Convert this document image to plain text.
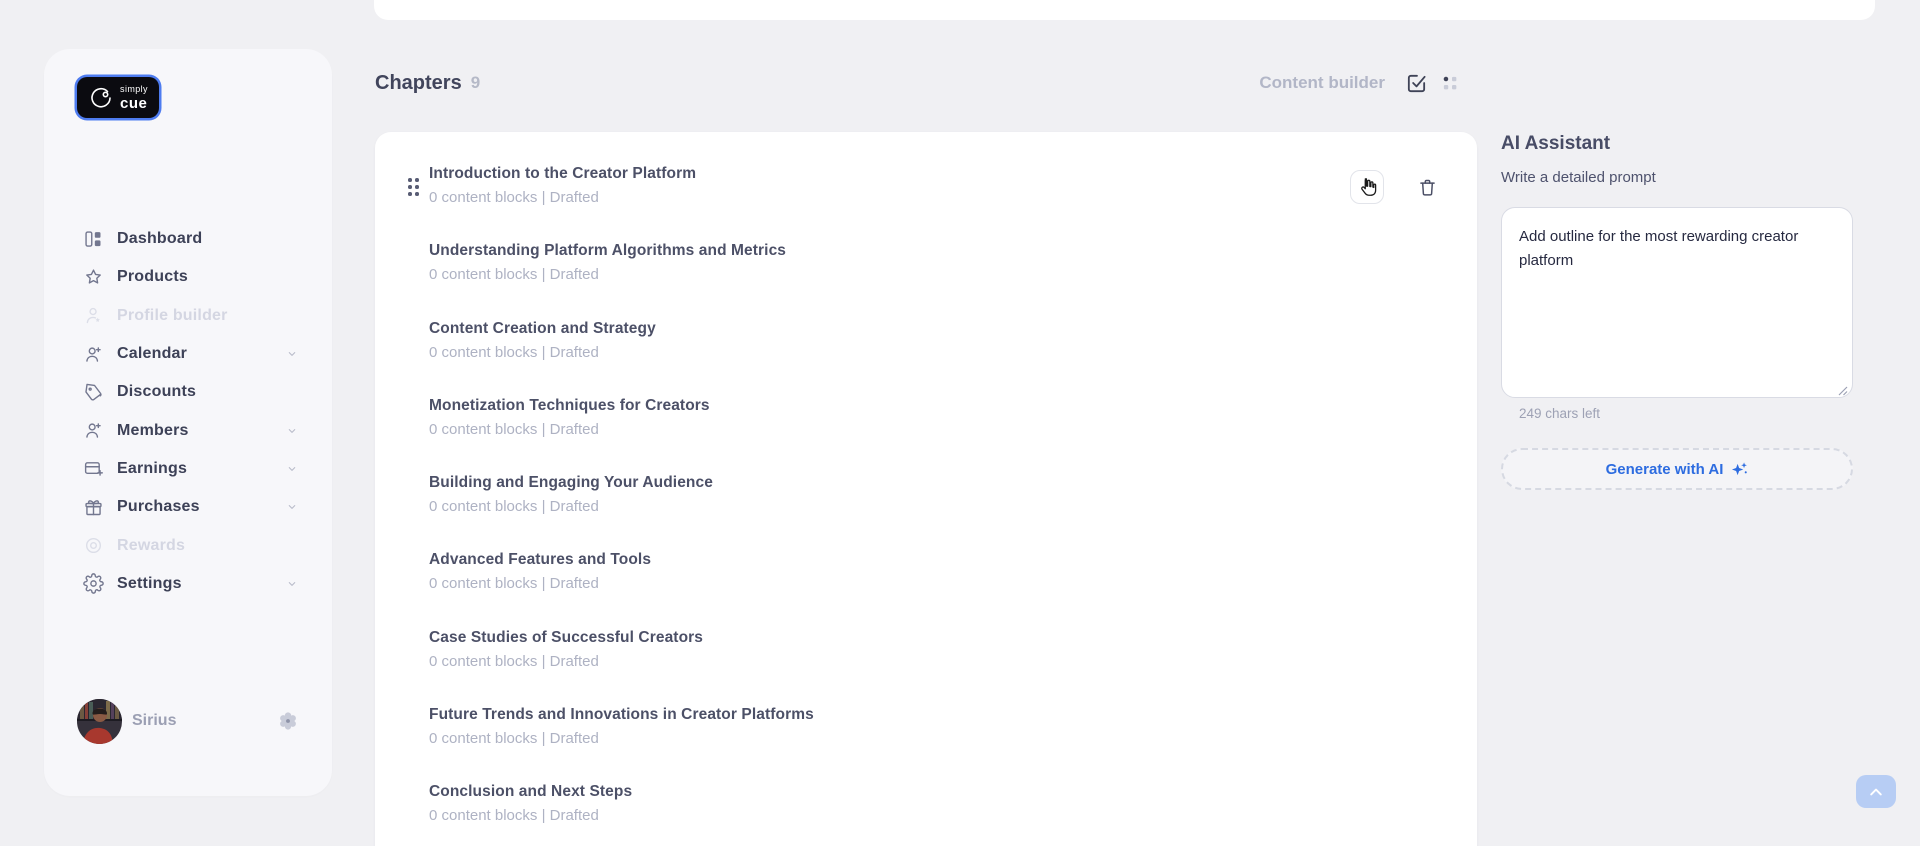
simply
cue
Dashboard
Products
Profile builder
Calendar
Discounts
Members
Earnings
Purchases
Rewards
Settings
Sirius
Chapters 9	Content builder
Introduction to the Creator Platform
0 content blocks | Drafted
Understanding Platform Algorithms and Metrics
0 content blocks | Drafted
Content Creation and Strategy
0 content blocks | Drafted
Monetization Techniques for Creators
0 content blocks | Drafted
Building and Engaging Your Audience
0 content blocks | Drafted
Advanced Features and Tools
0 content blocks | Drafted
Case Studies of Successful Creators
0 content blocks | Drafted
Future Trends and Innovations in Creator Platforms
0 content blocks | Drafted
Conclusion and Next Steps
0 content blocks | Drafted
AI Assistant
Write a detailed prompt
Add outline for the most rewarding creator platform
249 chars left
Generate with AI
